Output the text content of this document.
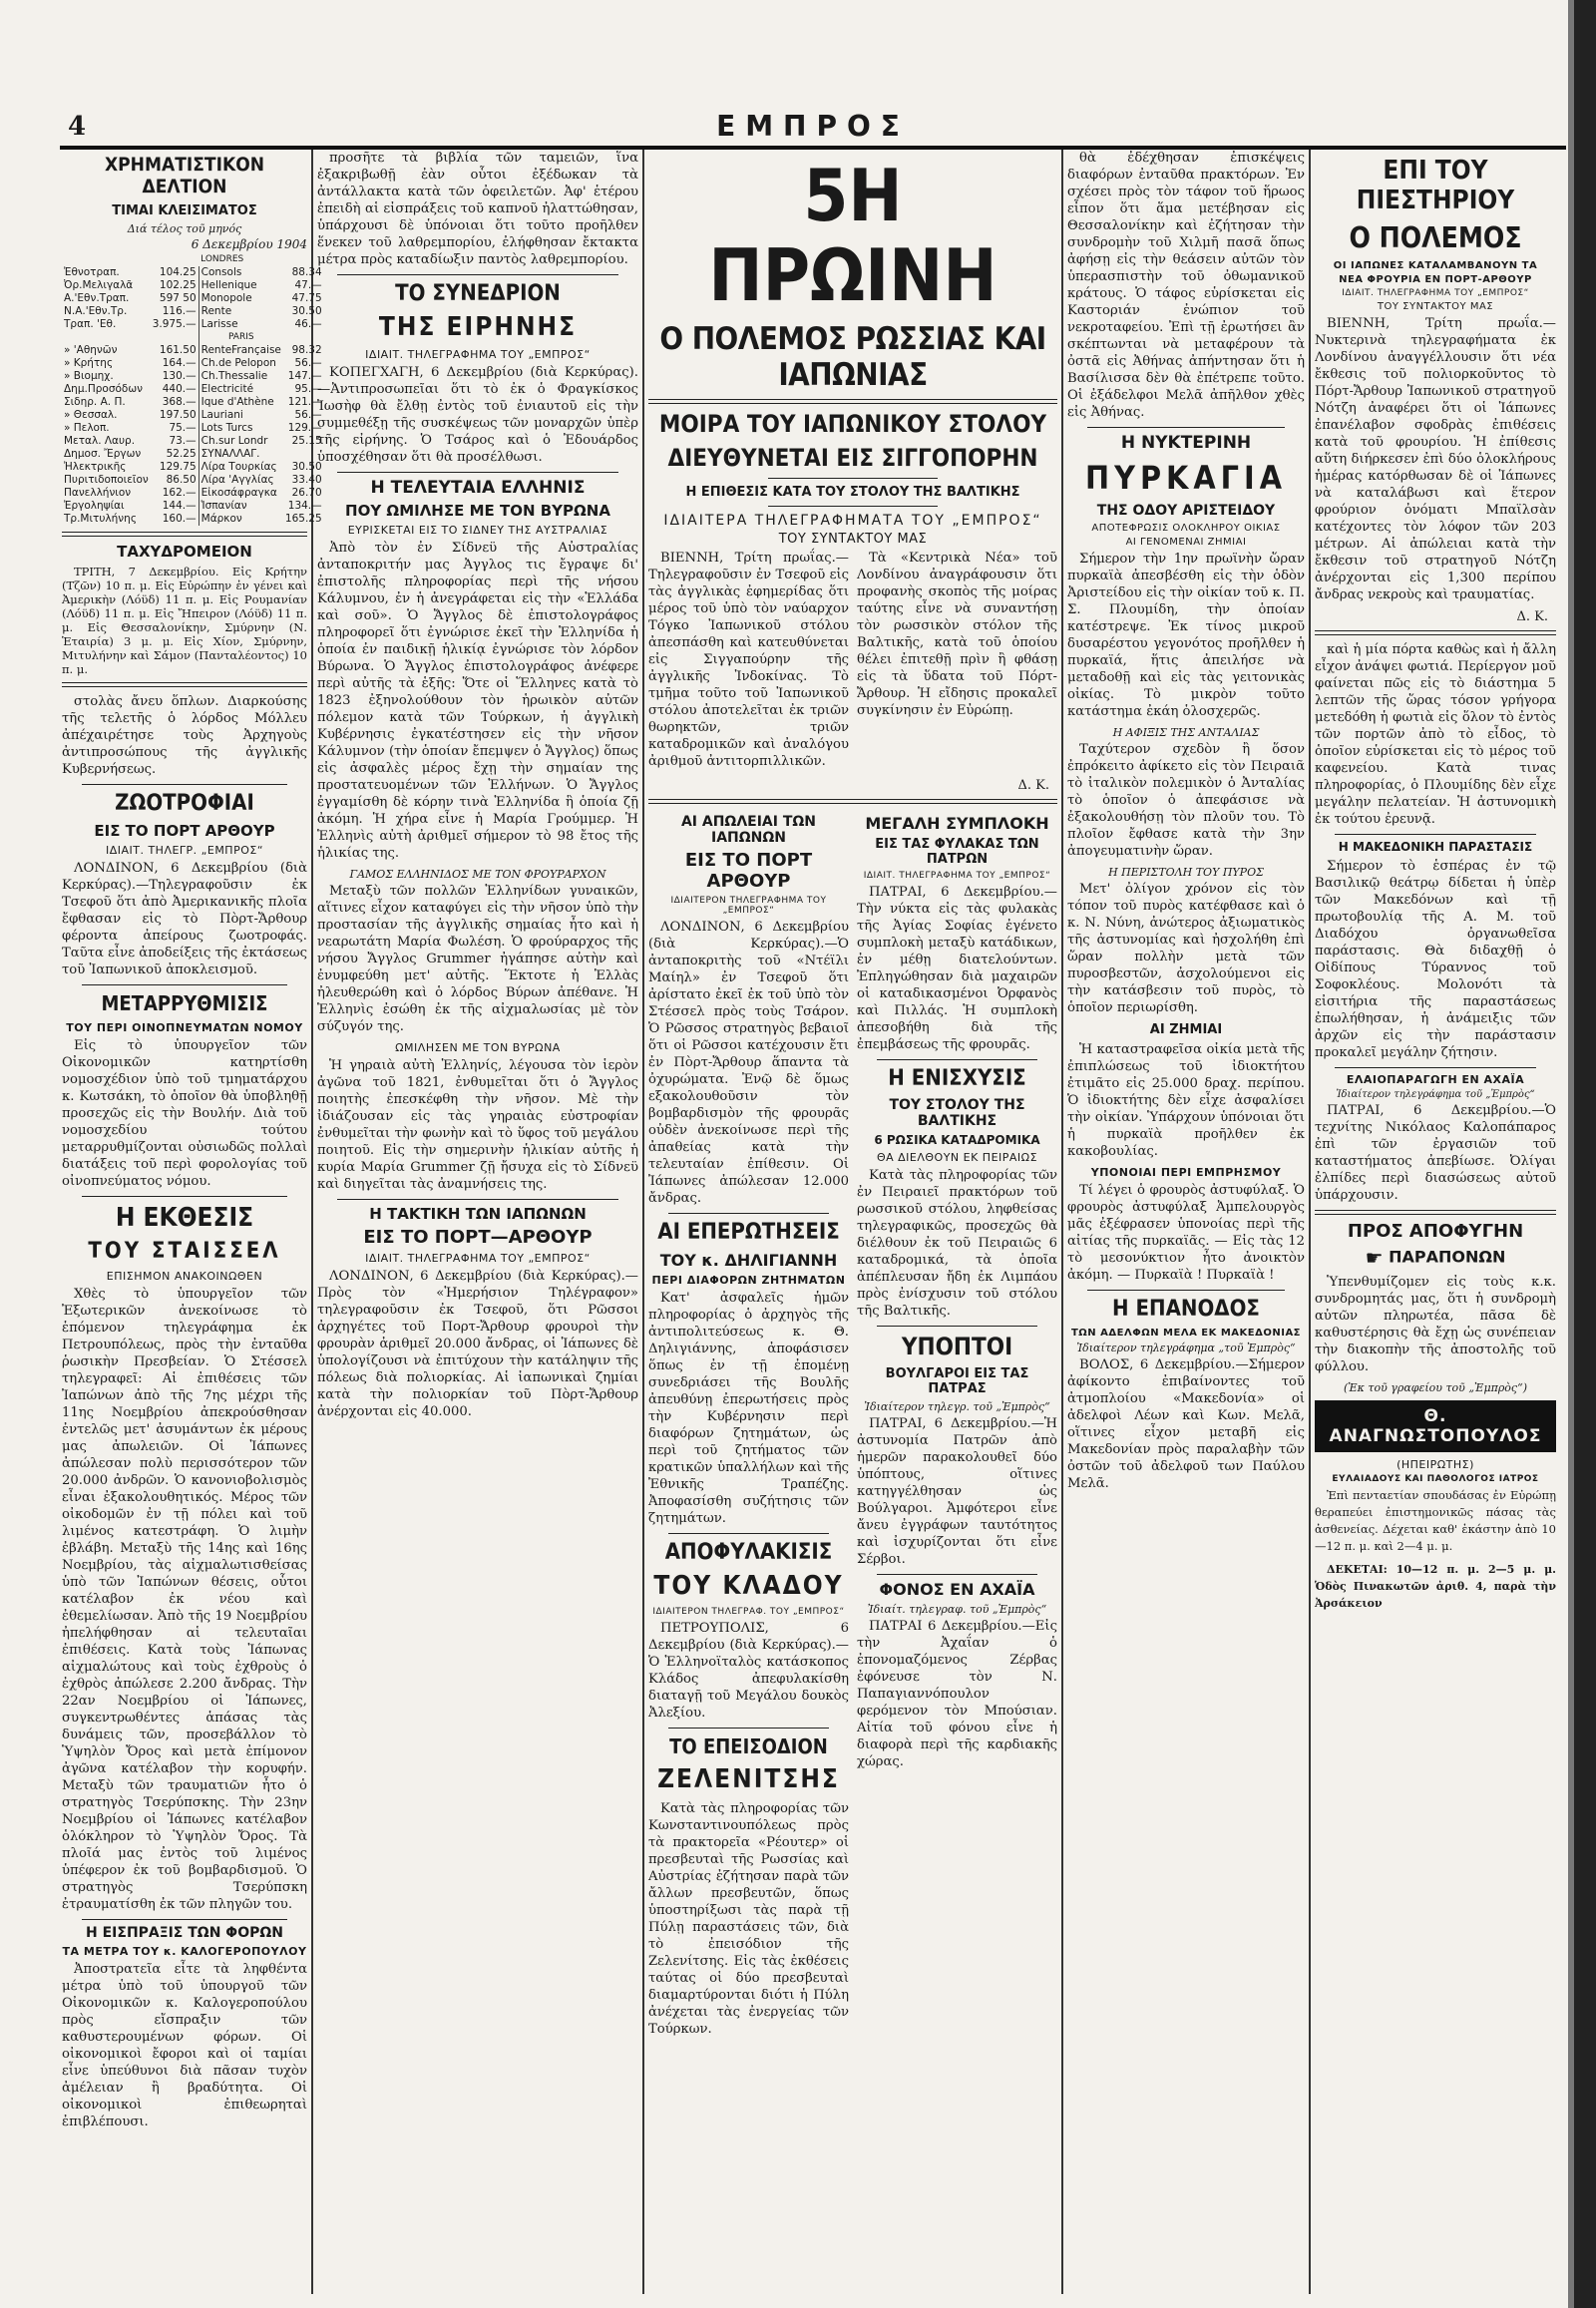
4	ΕΜΠΡΟΣ
ΧΡΗΜΑΤΙΣΤΙΚΟΝ ΔΕΛΤΙΟΝ
ΤΙΜΑΙ ΚΛΕΙΣΙΜΑΤΟΣ
Διά τέλος τοῦ μηνός
6 Δεκεμβρίου 1904
		LONDRES	
Ἐθνοτραπ.	104.25	Consols	88.34
Ὀρ.Μελιγαλᾶ	102.25	Hellenique	47.—
Α.'Εθν.Τραπ.	597 50	Monopole	47.75
Ν.Α.'Εθν.Τρ.	116.—	Rente	30.50
Τραπ. 'Εθ.	3.975.—	Larisse	46.—
		PARIS	
» 'Αθηνῶν	161.50	RenteFrançaise	98.32
» Κρήτης	164.—	Ch.de Pelopon	56.—
» Βιομηχ.	130.—	Ch.Thessalie	147.—
Δημ.Προσόδων	440.—	Electricité	95.—
Σιδηρ. Α. Π.	368.—	Ique d'Athène	121.—
» Θεσσαλ.	197.50	Lauriani	56.—
» Πελοπ.	75.—	Lots Turcs	129.—
Μεταλ. Λαυρ.	73.—	Ch.sur Londr	25.15
Δημοσ. Ἔργων	52.25	ΣΥΝΑΛΛΑΓ.	
Ἠλεκτρικῆς	129.75	Λίρα Τουρκίας	30.50
Πυριτιδοποιεῖον	86.50	Λίρα 'Αγγλίας	33.40
Πανελλήνιον	162.—	Εἰκοσάφραγκα	26.70
Ἐργοληψίαι	144.—	Ἱσπανίαν	134.—
Τρ.Μιτυλήνης	160.—	Μάρκον	165.25
ΤΑΧΥΔΡΟΜΕΙΟΝ

ΤΡΙΤΗ, 7 Δεκεμβρίου. Εἰς Κρήτην (Τζῶν) 10 π. μ. Εἰς Εὐρώπην ἐν γένει καὶ Ἀμερικὴν (Λόϋδ) 11 π. μ. Εἰς Ρουμανίαν (Λόϋδ) 11 π. μ. Εἰς Ἤπειρον (Λόϋδ) 11 π. μ. Εἰς Θεσσαλονίκην, Σμύρνην (Ν. Ἑταιρία) 3 μ. μ. Εἰς Χίον, Σμύρνην, Μιτυλήνην καὶ Σάμον (Πανταλέοντος) 10 π. μ.

στολὰς ἄνευ ὅπλων. Διαρκούσης τῆς τελετῆς ὁ λόρδος Μόλλευ ἀπέχαιρέτησε τοὺς Ἀρχηγοὺς ἀντιπροσώπους τῆς ἀγγλικῆς Κυβερνήσεως.

ΖΩΟΤΡΟΦΙΑΙ
ΕΙΣ ΤΟ ΠΟΡΤ ΑΡΘΟΥΡ
ΙΔΙΑΙΤ. ΤΗΛΕΓΡ. „ΕΜΠΡΟΣ“

ΛΟΝΔΙΝΟΝ, 6 Δεκεμβρίου (διὰ Κερκύρας).—Τηλεγραφοῦσιν ἐκ Τσεφοῦ ὅτι ἀπὸ Ἀμερικανικῆς πλοῖα ἔφθασαν εἰς τὸ Πὸρτ-Ἄρθουρ φέροντα ἀπείρους ζωοτροφάς. Ταῦτα εἶνε ἀποδείξεις τῆς ἐκτάσεως τοῦ Ἰαπωνικοῦ ἀποκλεισμοῦ.

ΜΕΤΑΡΡΥΘΜΙΣΙΣ
ΤΟΥ ΠΕΡΙ ΟΙΝΟΠΝΕΥΜΑΤΩΝ ΝΟΜΟΥ

Εἰς τὸ ὑπουργεῖον τῶν Οἰκονομικῶν κατηρτίσθη νομοσχέδιον ὑπὸ τοῦ τμηματάρχου κ. Κωτσάκη, τὸ ὁποῖον θὰ ὑποβληθῇ προσεχῶς εἰς τὴν Βουλήν. Διὰ τοῦ νομοσχεδίου τούτου μεταρρυθμίζονται οὐσιωδῶς πολλαὶ διατάξεις τοῦ περὶ φορολογίας τοῦ οἰνοπνεύματος νόμου.

Η ΕΚΘΕΣΙΣ
ΤΟΥ ΣΤΑΙΣΣΕΛ
ΕΠΙΣΗΜΟΝ ΑΝΑΚΟΙΝΩΘΕΝ

Χθὲς τὸ ὑπουργεῖον τῶν Ἐξωτερικῶν ἀνεκοίνωσε τὸ ἑπόμενον τηλεγράφημα ἐκ Πετρουπόλεως, πρὸς τὴν ἐνταῦθα ῥωσικὴν Πρεσβείαν. Ὁ Στέσσελ τηλεγραφεῖ: Αἱ ἐπιθέσεις τῶν Ἰαπώνων ἀπὸ τῆς 7ης μέχρι τῆς 11ης Νοεμβρίου ἀπεκρούσθησαν ἐντελῶς μετ' ἀσυμάντων ἐκ μέρους μας ἀπωλειῶν. Οἱ Ἰάπωνες ἀπώλεσαν πολὺ περισσότερον τῶν 20.000 ἀνδρῶν. Ὁ κανονιοβολισμὸς εἶναι ἐξακολουθητικός. Μέρος τῶν οἰκοδομῶν ἐν τῇ πόλει καὶ τοῦ λιμένος κατεστράφη. Ὁ λιμὴν ἐβλάβη. Μεταξὺ τῆς 14ης καὶ 16ης Νοεμβρίου, τὰς αἰχμαλωτισθείσας ὑπὸ τῶν Ἰαπώνων θέσεις, οὗτοι κατέλαβον ἐκ νέου καὶ ἐθεμελίωσαν. Ἀπὸ τῆς 19 Νοεμβρίου ἠπελήφθησαν αἱ τελευταῖαι ἐπιθέσεις. Κατὰ τοὺς Ἰάπωνας αἰχμαλώτους καὶ τοὺς ἐχθροὺς ὁ ἐχθρὸς ἀπώλεσε 2.200 ἄνδρας. Τὴν 22αν Νοεμβρίου οἱ Ἰάπωνες, συγκεντρωθέντες ἁπάσας τὰς δυνάμεις τῶν, προσεβάλλον τὸ Ὑψηλὸν Ὄρος καὶ μετὰ ἐπίμονον ἀγῶνα κατέλαβον τὴν κορυφήν. Μεταξὺ τῶν τραυματιῶν ἦτο ὁ στρατηγὸς Τσερύπσκης. Τὴν 23ην Νοεμβρίου οἱ Ἰάπωνες κατέλαβον ὁλόκληρον τὸ Ὑψηλὸν Ὄρος. Τὰ πλοῖά μας ἐντὸς τοῦ λιμένος ὑπέφερον ἐκ τοῦ βομβαρδισμοῦ. Ὁ στρατηγὸς Τσερύπσκη ἐτραυματίσθη ἐκ τῶν πληγῶν του.

Η ΕΙΣΠΡΑΞΙΣ ΤΩΝ ΦΟΡΩΝ
ΤΑ ΜΕΤΡΑ ΤΟΥ κ. ΚΑΛΟΓΕΡΟΠΟΥΛΟΥ

Ἀποστρατεῖα εἶτε τὰ ληφθέντα μέτρα ὑπὸ τοῦ ὑπουργοῦ τῶν Οἰκονομικῶν κ. Καλογεροπούλου πρὸς εἴσπραξιν τῶν καθυστερουμένων φόρων. Οἱ οἰκονομικοὶ ἔφοροι καὶ οἱ ταμίαι εἶνε ὑπεύθυνοι διὰ πᾶσαν τυχὸν ἀμέλειαν ἢ βραδύτητα. Οἱ οἰκονομικοὶ ἐπιθεωρηταὶ ἐπιβλέπουσι.

προσῆτε τὰ βιβλία τῶν ταμειῶν, ἵνα ἐξακριβωθῇ ἐὰν οὗτοι ἐξέδωκαν τὰ ἀντάλλακτα κατὰ τῶν ὀφειλετῶν. Ἀφ' ἑτέρου ἐπειδὴ αἱ εἰσπράξεις τοῦ καπνοῦ ἠλαττώθησαν, ὑπάρχουσι δὲ ὑπόνοιαι ὅτι τοῦτο προῆλθεν ἕνεκεν τοῦ λαθρεμπορίου, ἐλήφθησαν ἔκτακτα μέτρα πρὸς καταδίωξιν παντὸς λαθρεμπορίου.

ΤΟ ΣΥΝΕΔΡΙΟΝ
ΤΗΣ ΕΙΡΗΝΗΣ
ΙΔΙΑΙΤ. ΤΗΛΕΓΡΑΦΗΜΑ ΤΟΥ „ΕΜΠΡΟΣ“

ΚΟΠΕΓΧΑΓΗ, 6 Δεκεμβρίου (διὰ Κερκύρας).—Ἀντιπροσωπεῖαι ὅτι τὸ ἐκ ὁ Φραγκίσκος Ἰωσὴφ θὰ ἔλθῃ ἐντὸς τοῦ ἐνιαυτοῦ εἰς τὴν συμμεθέξῃ τῆς συσκέψεως τῶν μοναρχῶν ὑπὲρ τῆς εἰρήνης. Ὁ Τσάρος καὶ ὁ Ἐδουάρδος ὑποσχέθησαν ὅτι θὰ προσέλθωσι.

Η ΤΕΛΕΥΤΑΙΑ ΕΛΛΗΝΙΣ
ΠΟΥ ΩΜΙΛΗΣΕ ΜΕ ΤΟΝ ΒΥΡΩΝΑ
ΕΥΡΙΣΚΕΤΑΙ ΕΙΣ ΤΟ ΣΙΔΝΕΥ ΤΗΣ ΑΥΣΤΡΑΛΙΑΣ

Ἀπὸ τὸν ἐν Σίδνεϋ τῆς Αὐστραλίας ἀνταποκριτήν μας Ἀγγλος τις ἔγραψε δι' ἐπιστολῆς πληροφορίας περὶ τῆς νήσου Κάλυμνου, ἐν ἡ ἀνεγράφεται εἰς τὴν «Ἑλλάδα καὶ σοῦ». Ὁ Ἄγγλος δὲ ἐπιστολογράφος πληροφορεῖ ὅτι ἐγνώρισε ἐκεῖ τὴν Ἑλληνίδα ἡ ὁποία ἐν παιδικῇ ἡλικίᾳ ἐγνώρισε τὸν λόρδον Βύρωνα. Ὁ Ἄγγλος ἐπιστολογράφος ἀνέφερε περὶ αὐτῆς τὰ ἑξῆς: Ὅτε οἱ Ἕλληνες κατὰ τὸ 1823 ἐξηνολούθουν τὸν ἡρωικὸν αὐτῶν πόλεμον κατὰ τῶν Τούρκων, ἡ ἀγγλικὴ Κυβέρνησις ἐγκατέστησεν εἰς τὴν νῆσον Κάλυμνον (τὴν ὁποίαν ἔπεμψεν ὁ Ἄγγλος) ὅπως εἰς ἀσφαλὲς μέρος ἔχῃ τὴν σημαίαν της προστατευομένων τῶν Ἑλλήνων. Ὁ Ἄγγλος ἐγγαμίσθη δὲ κόρην τινὰ Ἑλληνίδα ἣ ὁποία ζῇ ἀκόμη. Ἡ χήρα εἶνε ἡ Μαρία Γρούμμερ. Ἡ Ἑλληνὶς αὐτὴ ἀριθμεῖ σήμερον τὸ 98 ἔτος τῆς ἡλικίας της.

ΓΑΜΟΣ ΕΛΛΗΝΙΔΟΣ ΜΕ ΤΟΝ ΦΡΟΥΡΑΡΧΟΝ

Μεταξὺ τῶν πολλῶν Ἑλληνίδων γυναικῶν, αἵτινες εἶχον καταφύγει εἰς τὴν νῆσον ὑπὸ τὴν προστασίαν τῆς ἀγγλικῆς σημαίας ἦτο καὶ ἡ νεαρωτάτη Μαρία Φωλέση. Ὁ φρούραρχος τῆς νήσου Ἄγγλος Grummer ἠγάπησε αὐτὴν καὶ ἐνυμφεύθη μετ' αὐτῆς. Ἕκτοτε ἡ Ἑλλὰς ἠλευθερώθη καὶ ὁ λόρδος Βύρων ἀπέθανε. Ἡ Ἑλληνὶς ἐσώθη ἐκ τῆς αἰχμαλωσίας μὲ τὸν σύζυγόν της.

ΩΜΙΛΗΣΕΝ ΜΕ ΤΟΝ ΒΥΡΩΝΑ

Ἡ γηραιὰ αὐτὴ Ἑλληνίς, λέγουσα τὸν ἱερὸν ἀγῶνα τοῦ 1821, ἐνθυμεῖται ὅτι ὁ Ἄγγλος ποιητὴς ἐπεσκέφθη τὴν νῆσον. Μὲ τὴν ἰδιάζουσαν εἰς τὰς γηραιὰς εὐστροφίαν ἐνθυμεῖται τὴν φωνὴν καὶ τὸ ὕφος τοῦ μεγάλου ποιητοῦ. Εἰς τὴν σημερινὴν ἡλικίαν αὐτῆς ἡ κυρία Μαρία Grummer ζῇ ἤσυχα εἰς τὸ Σίδνεϋ καὶ διηγεῖται τὰς ἀναμνήσεις της.

Η ΤΑΚΤΙΚΗ ΤΩΝ ΙΑΠΩΝΩΝ
ΕΙΣ ΤΟ ΠΟΡΤ—ΑΡΘΟΥΡ
ΙΔΙΑΙΤ. ΤΗΛΕΓΡΑΦΗΜΑ ΤΟΥ „ΕΜΠΡΟΣ“

ΛΟΝΔΙΝΟΝ, 6 Δεκεμβρίου (διὰ Κερκύρας).—Πρὸς τὸν «Ἡμερήσιον Τηλέγραφον» τηλεγραφοῦσιν ἐκ Τσεφοῦ, ὅτι Ρῶσσοι ἀρχηγέτες τοῦ Πορτ-Ἄρθουρ φρουροὶ τὴν φρουρὰν ἀριθμεῖ 20.000 ἄνδρας, οἱ Ἰάπωνες δὲ ὑπολογίζουσι νὰ ἐπιτύχουν τὴν κατάληψιν τῆς πόλεως διὰ πολιορκίας. Αἱ ἰαπωνικαὶ ζημίαι κατὰ τὴν πολιορκίαν τοῦ Πὸρτ-Ἄρθουρ ἀνέρχονται εἰς 40.000.

5Η ΠΡΩΙΝΗ
Ο ΠΟΛΕΜΟΣ ΡΩΣΣΙΑΣ ΚΑΙ ΙΑΠΩΝΙΑΣ
ΜΟΙΡΑ ΤΟΥ ΙΑΠΩΝΙΚΟΥ ΣΤΟΛΟΥ
ΔΙΕΥΘΥΝΕΤΑΙ ΕΙΣ ΣΙΓΓΟΠΟΡΗΝ
Η ΕΠΙΘΕΣΙΣ ΚΑΤΑ ΤΟΥ ΣΤΟΛΟΥ ΤΗΣ ΒΑΛΤΙΚΗΣ
ΙΔΙΑΙΤΕΡΑ ΤΗΛΕΓΡΑΦΗΜΑΤΑ ΤΟΥ „ΕΜΠΡΟΣ“
ΤΟΥ ΣΥΝΤΑΚΤΟΥ ΜΑΣ

ΒΙΕΝΝΗ, Τρίτη πρωΐας.—Τηλεγραφοῦσιν ἐν Τσεφοῦ εἰς τὰς ἀγγλικὰς ἐφημερίδας ὅτι μέρος τοῦ ὑπὸ τὸν ναύαρχον Τόγκο Ἰαπωνικοῦ στόλου ἀπεσπάσθη καὶ κατευθύνεται εἰς Σιγγαπούρην τῆς ἀγγλικῆς Ἰνδοκίνας. Τὸ τμῆμα τοῦτο τοῦ Ἰαπωνικοῦ στόλου ἀποτελεῖται ἐκ τριῶν θωρηκτῶν, τριῶν καταδρομικῶν καὶ ἀναλόγου ἀριθμοῦ ἀντιτορπιλλικῶν.

Τὰ «Κεντρικὰ Νέα» τοῦ Λονδίνου ἀναγράφουσιν ὅτι προφανὴς σκοπὸς τῆς μοίρας ταύτης εἶνε νὰ συναντήσῃ τὸν ρωσσικὸν στόλον τῆς Βαλτικῆς, κατὰ τοῦ ὁποίου θέλει ἐπιτεθῇ πρὶν ἢ φθάσῃ εἰς τὰ ὕδατα τοῦ Πόρτ-Ἄρθουρ. Ἡ εἴδησις προκαλεῖ συγκίνησιν ἐν Εὐρώπῃ.

Δ. Κ.
ΑΙ ΑΠΩΛΕΙΑΙ ΤΩΝ ΙΑΠΩΝΩΝ
ΕΙΣ ΤΟ ΠΟΡΤ ΑΡΘΟΥΡ
ΙΔΙΑΙΤΕΡΟΝ ΤΗΛΕΓΡΑΦΗΜΑ ΤΟΥ „ΕΜΠΡΟΣ“

ΛΟΝΔΙΝΟΝ, 6 Δεκεμβρίου (διὰ Κερκύρας).—Ὁ ἀνταποκριτὴς τοῦ «Ντέϊλι Μαίηλ» ἐν Τσεφοῦ ὅτι ἀρίστατο ἐκεῖ ἐκ τοῦ ὑπὸ τὸν Στέσσελ πρὸς τοὺς Τσάρον. Ὁ Ρῶσσος στρατηγὸς βεβαιοῖ ὅτι οἱ Ρῶσσοι κατέχουσιν ἔτι ἐν Πὸρτ-Ἄρθουρ ἅπαντα τὰ ὀχυρώματα. Ἐνῷ δὲ ὅμως εξακολουθοῦσιν τὸν βομβαρδισμὸν τῆς φρουρᾶς οὐδὲν ἀνεκοίνωσε περὶ τῆς ἀπαθείας κατὰ τὴν τελευταίαν ἐπίθεσιν. Οἱ Ἰάπωνες ἀπώλεσαν 12.000 ἄνδρας.

ΑΙ ΕΠΕΡΩΤΗΣΕΙΣ
ΤΟΥ κ. ΔΗΛΙΓΙΑΝΝΗ
ΠΕΡΙ ΔΙΑΦΟΡΩΝ ΖΗΤΗΜΑΤΩΝ

Κατ' ἀσφαλεῖς ἡμῶν πληροφορίας ὁ ἀρχηγὸς τῆς ἀντιπολιτεύσεως κ. Θ. Δηλιγιάννης, ἀποφάσισεν ὅπως ἐν τῇ ἐπομένῃ συνεδριάσει τῆς Βουλῆς ἀπευθύνῃ ἐπερωτήσεις πρὸς τὴν Κυβέρνησιν περὶ διαφόρων ζητημάτων, ὡς περὶ τοῦ ζητήματος τῶν κρατικῶν ὑπαλλήλων καὶ τῆς Ἐθνικῆς Τραπέζης. Ἀποφασίσθη συζήτησις τῶν ζητημάτων.

ΑΠΟΦΥΛΑΚΙΣΙΣ
ΤΟΥ ΚΛΑΔΟΥ
ΙΔΙΑΙΤΕΡΟΝ ΤΗΛΕΓΡΑΦ. ΤΟΥ „ΕΜΠΡΟΣ“

ΠΕΤΡΟΥΠΟΛΙΣ, 6 Δεκεμβρίου (διὰ Κερκύρας).—Ὁ Ἑλληνοϊταλὸς κατάσκοπος Κλάδος ἀπεφυλακίσθη διαταγῇ τοῦ Μεγάλου δουκὸς Ἀλεξίου.

ΤΟ ΕΠΕΙΣΟΔΙΟΝ
ΖΕΛΕΝΙΤΣΗΣ

Κατὰ τὰς πληροφορίας τῶν Κωνσταντινουπόλεως πρὸς τὰ πρακτορεῖα «Ρέουτερ» οἱ πρεσβευταὶ τῆς Ρωσσίας καὶ Αὐστρίας ἐζήτησαν παρὰ τῶν ἄλλων πρεσβευτῶν, ὅπως ὑποστηρίξωσι τὰς παρὰ τῇ Πύλῃ παραστάσεις τῶν, διὰ τὸ ἐπεισόδιον τῆς Ζελενίτσης. Εἰς τὰς ἐκθέσεις ταύτας οἱ δύο πρεσβευταὶ διαμαρτύρονται διότι ἡ Πύλη ἀνέχεται τὰς ἐνεργείας τῶν Τούρκων.

ΜΕΓΑΛΗ ΣΥΜΠΛΟΚΗ
ΕΙΣ ΤΑΣ ΦΥΛΑΚΑΣ ΤΩΝ ΠΑΤΡΩΝ
ΙΔΙΑΙΤ. ΤΗΛΕΓΡΑΦΗΜΑ ΤΟΥ „ΕΜΠΡΟΣ“

ΠΑΤΡΑΙ, 6 Δεκεμβρίου.—Τὴν νύκτα εἰς τὰς φυλακὰς τῆς Ἀγίας Σοφίας ἐγένετο συμπλοκὴ μεταξὺ κατάδικων, ἐν μέθῃ διατελούντων. Ἐπληγώθησαν διὰ μαχαιρῶν οἱ καταδικασμένοι Ὀρφανὸς καὶ Πιλλάς. Ἡ συμπλοκὴ ἀπεσοβήθη διὰ τῆς ἐπεμβάσεως τῆς φρουρᾶς.

Η ΕΝΙΣΧΥΣΙΣ
ΤΟΥ ΣΤΟΛΟΥ ΤΗΣ ΒΑΛΤΙΚΗΣ
6 ΡΩΣΙΚΑ ΚΑΤΑΔΡΟΜΙΚΑ
ΘΑ ΔΙΕΛΘΟΥΝ ΕΚ ΠΕΙΡΑΙΩΣ

Κατὰ τὰς πληροφορίας τῶν ἐν Πειραιεῖ πρακτόρων τοῦ ρωσσικοῦ στόλου, ληφθείσας τηλεγραφικῶς, προσεχῶς θὰ διέλθουν ἐκ τοῦ Πειραιῶς 6 καταδρομικά, τὰ ὁποῖα ἀπέπλευσαν ἤδη ἐκ Λιμπάου πρὸς ἐνίσχυσιν τοῦ στόλου τῆς Βαλτικῆς.

ΥΠΟΠΤΟΙ
ΒΟΥΛΓΑΡΟΙ ΕΙΣ ΤΑΣ ΠΑΤΡΑΣ
Ἰδιαίτερον τηλεγρ. τοῦ „Ἐμπρὸς“

ΠΑΤΡΑΙ, 6 Δεκεμβρίου.—Ἡ ἀστυνομία Πατρῶν ἀπὸ ἡμερῶν παρακολουθεῖ δύο ὑπόπτους, οἵτινες κατηγγέλθησαν ὡς Βούλγαροι. Ἀμφότεροι εἶνε ἄνευ ἐγγράφων ταυτότητος καὶ ἰσχυρίζονται ὅτι εἶνε Σέρβοι.

ΦΟΝΟΣ ΕΝ ΑΧΑΪΑ
Ἰδιαίτ. τηλεγραφ. τοῦ „Ἐμπρὸς“

ΠΑΤΡΑΙ 6 Δεκεμβρίου.—Εἰς τὴν Ἀχαΐαν ὁ ἐπονομαζόμενος Ζέρβας ἐφόνευσε τὸν Ν. Παπαγιαννόπουλον φερόμενον τὸν Μπούσιαν. Αἰτία τοῦ φόνου εἶνε ἡ διαφορὰ περὶ τῆς καρδιακῆς χώρας.

θὰ ἐδέχθησαν ἐπισκέψεις διαφόρων ἐνταῦθα πρακτόρων. Ἐν σχέσει πρὸς τὸν τάφον τοῦ ἥρωος εἶπον ὅτι ἅμα μετέβησαν εἰς Θεσσαλονίκην καὶ ἐζήτησαν τὴν συνδρομὴν τοῦ Χιλμῆ πασᾶ ὅπως ἀφήσῃ εἰς τὴν θεάσειν αὐτῶν τὸν ὑπερασπιστὴν τοῦ ὀθωμανικοῦ κράτους. Ὁ τάφος εὑρίσκεται εἰς Καστοριάν ἐνώπιον τοῦ νεκροταφείου. Ἐπὶ τῇ ἐρωτήσει ἂν σκέπτωνται νὰ μεταφέρουν τὰ ὀστᾶ εἰς Ἀθήνας ἀπήντησαν ὅτι ἡ Βασίλισσα δὲν θὰ ἐπέτρεπε τοῦτο. Οἱ ἐξάδελφοι Μελᾶ ἀπῆλθον χθὲς εἰς Ἀθήνας.

Η ΝΥΚΤΕΡΙΝΗ
ΠΥΡΚΑΓΙΑ
ΤΗΣ ΟΔΟΥ ΑΡΙΣΤΕΙΔΟΥ
ΑΠΟΤΕΦΡΩΣΙΣ ΟΛΟΚΛΗΡΟΥ ΟΙΚΙΑΣ
ΑΙ ΓΕΝΟΜΕΝΑΙ ΖΗΜΙΑΙ

Σήμερον τὴν 1ην πρωϊνὴν ὥραν πυρκαϊὰ ἀπεσβέσθη εἰς τὴν ὁδὸν Ἀριστείδου εἰς τὴν οἰκίαν τοῦ κ. Π. Σ. Πλουμίδη, τὴν ὁποίαν κατέστρεψε. Ἐκ τίνος μικροῦ δυσαρέστου γεγονότος προῆλθεν ἡ πυρκαϊά, ἥτις ἀπειλήσε νὰ μεταδοθῇ καὶ εἰς τὰς γειτονικὰς οἰκίας. Τὸ μικρὸν τοῦτο κατάστημα ἐκάη ὁλοσχερῶς.

Η ΑΦΙΞΙΣ ΤΗΣ ΑΝΤΑΛΙΑΣ

Ταχύτερον σχεδὸν ἢ ὅσον ἐπρόκειτο ἀφίκετο εἰς τὸν Πειραιᾶ τὸ ἰταλικὸν πολεμικὸν ὁ Ἀνταλίας τὸ ὁποῖον ὁ ἀπεφάσισε νὰ ἐξακολουθήσῃ τὸν πλοῦν του. Τὸ πλοῖον ἔφθασε κατὰ τὴν 3ην ἀπογευματινὴν ὥραν.

Η ΠΕΡΙΣΤΟΛΗ ΤΟΥ ΠΥΡΟΣ

Μετ' ὀλίγον χρόνον εἰς τὸν τόπον τοῦ πυρὸς κατέφθασε καὶ ὁ κ. Ν. Νύνη, ἀνώτερος ἀξιωματικὸς τῆς ἀστυνομίας καὶ ἠσχολήθη ἐπὶ ὥραν πολλὴν μετὰ τῶν πυροσβεστῶν, ἀσχολούμενοι εἰς τὴν κατάσβεσιν τοῦ πυρὸς, τὸ ὁποῖον περιωρίσθη.

ΑΙ ΖΗΜΙΑΙ

Ἡ καταστραφεῖσα οἰκία μετὰ τῆς ἐπιπλώσεως τοῦ ἰδιοκτήτου ἐτιμᾶτο εἰς 25.000 δραχ. περίπου. Ὁ ἰδιοκτήτης δὲν εἶχε ἀσφαλίσει τὴν οἰκίαν. Ὑπάρχουν ὑπόνοιαι ὅτι ἡ πυρκαϊὰ προῆλθεν ἐκ κακοβουλίας.

ΥΠΟΝΟΙΑΙ ΠΕΡΙ ΕΜΠΡΗΣΜΟΥ

Τί λέγει ὁ φρουρὸς ἀστυφύλαξ. Ὁ φρουρὸς ἀστυφύλαξ Ἀμπελουργὸς μᾶς ἐξέφρασεν ὑπονοίας περὶ τῆς αἰτίας τῆς πυρκαϊᾶς. — Εἰς τὰς 12 τὸ μεσονύκτιον ἦτο ἀνοικτὸν ἀκόμη. — Πυρκαϊὰ ! Πυρκαϊὰ !

Η ΕΠΑΝΟΔΟΣ
ΤΩΝ ΑΔΕΛΦΩΝ ΜΕΛΑ ΕΚ ΜΑΚΕΔΟΝΙΑΣ
Ἰδιαίτερον τηλεγράφημα „τοῦ Ἐμπρὸς“

ΒΟΛΟΣ, 6 Δεκεμβρίου.—Σήμερον ἀφίκοντο ἐπιβαίνοντες τοῦ ἀτμοπλοίου «Μακεδονία» οἱ ἀδελφοὶ Λέων καὶ Κων. Μελᾶ, οἵτινες εἶχον μεταβῆ εἰς Μακεδονίαν πρὸς παραλαβὴν τῶν ὀστῶν τοῦ ἀδελφοῦ των Παύλου Μελᾶ.

ΕΠΙ ΤΟΥ ΠΙΕΣΤΗΡΙΟΥ
Ο ΠΟΛΕΜΟΣ
ΟΙ ΙΑΠΩΝΕΣ ΚΑΤΑΛΑΜΒΑΝΟΥΝ ΤΑ
ΝΕΑ ΦΡΟΥΡΙΑ ΕΝ ΠΟΡΤ-ΑΡΘΟΥΡ
ΙΔΙΑΙΤ. ΤΗΛΕΓΡΑΦΗΜΑ ΤΟΥ „ΕΜΠΡΟΣ“
ΤΟΥ ΣΥΝΤΑΚΤΟΥ ΜΑΣ

ΒΙΕΝΝΗ, Τρίτη πρωΐα.—Νυκτερινὰ τηλεγραφήματα ἐκ Λονδίνου ἀναγγέλλουσιν ὅτι νέα ἔκθεσις τοῦ πολιορκοῦντος τὸ Πόρτ-Ἄρθουρ Ἰαπωνικοῦ στρατηγοῦ Νότζη ἀναφέρει ὅτι οἱ Ἰάπωνες ἐπανέλαβον σφοδρὰς ἐπιθέσεις κατὰ τοῦ φρουρίου. Ἡ ἐπίθεσις αὕτη διήρκεσεν ἐπὶ δύο ὁλοκλήρους ἡμέρας κατόρθωσαν δὲ οἱ Ἰάπωνες νὰ καταλάβωσι καὶ ἕτερον φρούριον ὀνόματι Μπαϊλσὰν κατέχοντες τὸν λόφον τῶν 203 μέτρων. Αἱ ἀπώλειαι κατὰ τὴν ἔκθεσιν τοῦ στρατηγοῦ Νότζη ἀνέρχονται εἰς 1,300 περίπου ἄνδρας νεκροὺς καὶ τραυματίας.

Δ. Κ.

καὶ ἡ μία πόρτα καθὼς καὶ ἡ ἄλλη εἶχον ἀνάψει φωτιά. Περίεργον μοῦ φαίνεται πῶς εἰς τὸ διάστημα 5 λεπτῶν τῆς ὥρας τόσον γρήγορα μετεδόθη ἡ φωτιὰ εἰς ὅλον τὸ ἐντὸς τῶν πορτῶν ἀπὸ τὸ εἶδος, τὸ ὁποῖον εὑρίσκεται εἰς τὸ μέρος τοῦ καφενείου. Κατὰ τινας πληροφορίας, ὁ Πλουμίδης δὲν εἶχε μεγάλην πελατείαν. Ἡ ἀστυνομικὴ ἐκ τούτου ἐρευνᾷ.

Η ΜΑΚΕΔΟΝΙΚΗ ΠΑΡΑΣΤΑΣΙΣ

Σήμερον τὸ ἑσπέρας ἐν τῷ Βασιλικῷ θεάτρῳ δίδεται ἡ ὑπὲρ τῶν Μακεδόνων καὶ τῇ πρωτοβουλίᾳ τῆς Α. Μ. τοῦ Διαδόχου ὀργανωθεῖσα παράστασις. Θὰ διδαχθῇ ὁ Οἰδίπους Τύραννος τοῦ Σοφοκλέους. Μολονότι τὰ εἰσιτήρια τῆς παραστάσεως ἐπωλήθησαν, ἡ ἀνάμειξις τῶν ἀρχῶν εἰς τὴν παράστασιν προκαλεῖ μεγάλην ζήτησιν.

ΕΛΑΙΟΠΑΡΑΓΩΓΗ ΕΝ ΑΧΑΪΑ
Ἰδιαίτερον τηλεγράφημα τοῦ „Ἐμπρὸς“

ΠΑΤΡΑΙ, 6 Δεκεμβρίου.—Ὁ τεχνίτης Νικόλαος Καλοπάπαρος ἐπὶ τῶν ἐργασιῶν τοῦ καταστήματος ἀπεβίωσε. Ὀλίγαι ἐλπίδες περὶ διασώσεως αὐτοῦ ὑπάρχουσιν.

ΠΡΟΣ ΑΠΟΦΥΓΗΝ
☛ ΠΑΡΑΠΟΝΩΝ

Ὑπενθυμίζομεν εἰς τοὺς κ.κ. συνδρομητάς μας, ὅτι ἡ συνδρομὴ αὐτῶν πληρωτέα, πᾶσα δὲ καθυστέρησις θὰ ἔχῃ ὡς συνέπειαν τὴν διακοπὴν τῆς ἀποστολῆς τοῦ φύλλου.

(Ἐκ τοῦ γραφείου τοῦ „Ἐμπρὸς“)
Θ. ΑΝΑΓΝΩΣΤΟΠΟΥΛΟΣ
(ΗΠΕΙΡΩΤΗΣ)
ΕΥΛΑΙΑΔΟΥΣ ΚΑΙ ΠΑΘΟΛΟΓΟΣ ΙΑΤΡΟΣ

Ἐπὶ πενταετίαν σπουδάσας ἐν Εὐρώπῃ θεραπεύει ἐπιστημονικῶς πάσας τὰς ἀσθενείας. Δέχεται καθ' ἑκάστην ἀπὸ 10—12 π. μ. καὶ 2—4 μ. μ.

ΔΕΚΕΤΑΙ: 10—12 π. μ. 2—5 μ. μ. Ὁδὸς Πινακωτῶν ἀριθ. 4, παρὰ τὴν Ἀρσάκειον
